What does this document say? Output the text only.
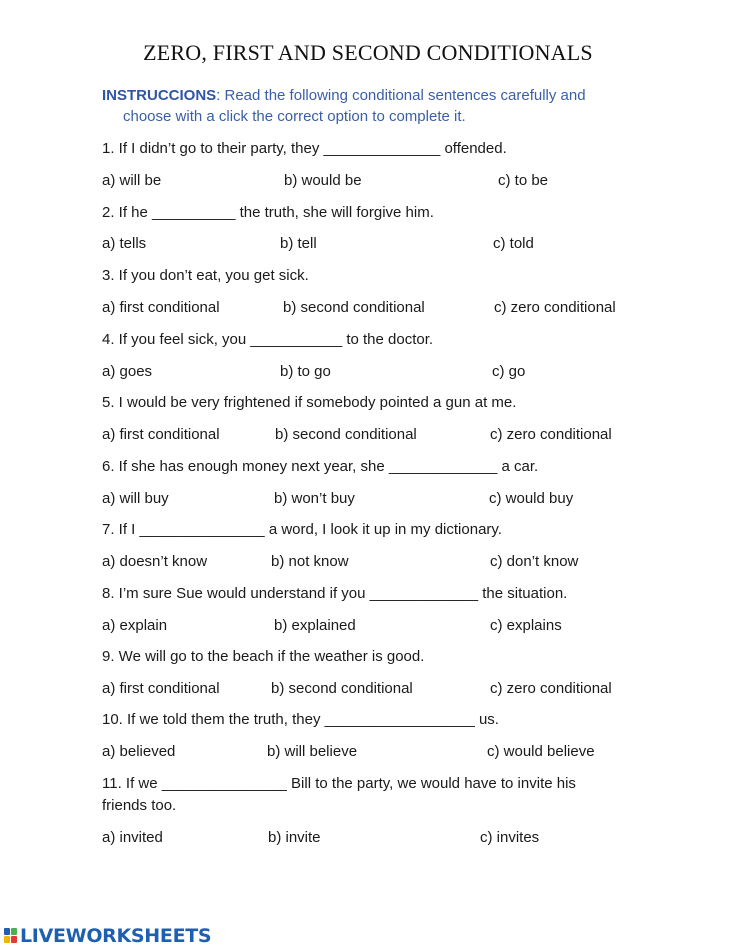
ZERO, FIRST AND SECOND CONDITIONALS
INSTRUCCIONS: Read the following conditional sentences carefully and
choose with a click the correct option to complete it.
1. If I didn’t go to their party, they ______________ offended.
a) will be	b) would be	c) to be
2. If he __________ the truth, she will forgive him.
a) tells	b) tell	c) told
3. If you don’t eat, you get sick.
a) first conditional	b) second conditional	c) zero conditional
4. If you feel sick, you ___________ to the doctor.
a) goes	b) to go	c) go
5. I would be very frightened if somebody pointed a gun at me.
a) first conditional	b) second conditional	c) zero conditional
6. If she has enough money next year, she _____________ a car.
a) will buy	b) won’t buy	c) would buy
7. If I _______________ a word, I look it up in my dictionary.
a) doesn’t know	b) not know	c) don’t know
8. I’m sure Sue would understand if you _____________ the situation.
a) explain	b) explained	c) explains
9. We will go to the beach if the weather is good.
a) first conditional	b) second conditional	c) zero conditional
10. If we told them the truth, they __________________ us.
a) believed	b) will believe	c) would believe
11. If we _______________ Bill to the party, we would have to invite his friends too.
a) invited	b) invite	c) invites
LIVEWORKSHEETS
